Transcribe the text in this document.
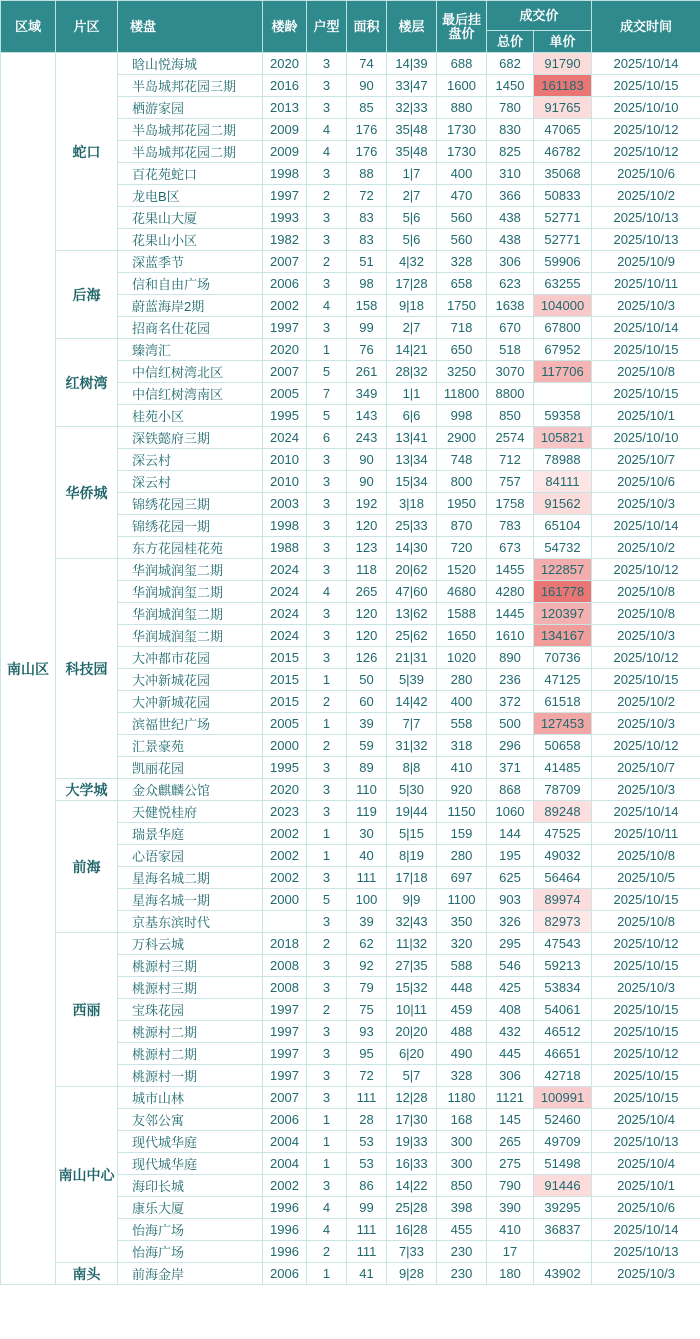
区域	片区	楼盘	楼龄	户型	面积	楼层	最后挂盘价	成交价		成交时间
								总价	单价	
南山区	蛇口	晗山悦海城	2020	3	74	14|39	688	682	91790	2025/10/14
		半岛城邦花园三期	2016	3	90	33|47	1600	1450	161183	2025/10/15
		栖游家园	2013	3	85	32|33	880	780	91765	2025/10/10
		半岛城邦花园二期	2009	4	176	35|48	1730	830	47065	2025/10/12
		半岛城邦花园二期	2009	4	176	35|48	1730	825	46782	2025/10/12
		百花苑蛇口	1998	3	88	1|7	400	310	35068	2025/10/6
		龙电B区	1997	2	72	2|7	470	366	50833	2025/10/2
		花果山大厦	1993	3	83	5|6	560	438	52771	2025/10/13
		花果山小区	1982	3	83	5|6	560	438	52771	2025/10/13
	后海	深蓝季节	2007	2	51	4|32	328	306	59906	2025/10/9
		信和自由广场	2006	3	98	17|28	658	623	63255	2025/10/11
		蔚蓝海岸2期	2002	4	158	9|18	1750	1638	104000	2025/10/3
		招商名仕花园	1997	3	99	2|7	718	670	67800	2025/10/14
	红树湾	臻湾汇	2020	1	76	14|21	650	518	67952	2025/10/15
		中信红树湾北区	2007	5	261	28|32	3250	3070	117706	2025/10/8
		中信红树湾南区	2005	7	349	1|1	11800	8800		2025/10/15
		桂苑小区	1995	5	143	6|6	998	850	59358	2025/10/1
	华侨城	深铁懿府三期	2024	6	243	13|41	2900	2574	105821	2025/10/10
		深云村	2010	3	90	13|34	748	712	78988	2025/10/7
		深云村	2010	3	90	15|34	800	757	84111	2025/10/6
		锦绣花园三期	2003	3	192	3|18	1950	1758	91562	2025/10/3
		锦绣花园一期	1998	3	120	25|33	870	783	65104	2025/10/14
		东方花园桂花苑	1988	3	123	14|30	720	673	54732	2025/10/2
	科技园	华润城润玺二期	2024	3	118	20|62	1520	1455	122857	2025/10/12
		华润城润玺二期	2024	4	265	47|60	4680	4280	161778	2025/10/8
		华润城润玺二期	2024	3	120	13|62	1588	1445	120397	2025/10/8
		华润城润玺二期	2024	3	120	25|62	1650	1610	134167	2025/10/3
		大冲都市花园	2015	3	126	21|31	1020	890	70736	2025/10/12
		大冲新城花园	2015	1	50	5|39	280	236	47125	2025/10/15
		大冲新城花园	2015	2	60	14|42	400	372	61518	2025/10/2
		滨福世纪广场	2005	1	39	7|7	558	500	127453	2025/10/3
		汇景豪苑	2000	2	59	31|32	318	296	50658	2025/10/12
		凯丽花园	1995	3	89	8|8	410	371	41485	2025/10/7
	大学城	金众麒麟公馆	2020	3	110	5|30	920	868	78709	2025/10/3
	前海	天健悦桂府	2023	3	119	19|44	1150	1060	89248	2025/10/14
		瑞景华庭	2002	1	30	5|15	159	144	47525	2025/10/11
		心语家园	2002	1	40	8|19	280	195	49032	2025/10/8
		星海名城二期	2002	3	111	17|18	697	625	56464	2025/10/5
		星海名城一期	2000	5	100	9|9	1100	903	89974	2025/10/15
		京基东滨时代		3	39	32|43	350	326	82973	2025/10/8
	西丽	万科云城	2018	2	62	11|32	320	295	47543	2025/10/12
		桃源村三期	2008	3	92	27|35	588	546	59213	2025/10/15
		桃源村三期	2008	3	79	15|32	448	425	53834	2025/10/3
		宝珠花园	1997	2	75	10|11	459	408	54061	2025/10/15
		桃源村二期	1997	3	93	20|20	488	432	46512	2025/10/15
		桃源村二期	1997	3	95	6|20	490	445	46651	2025/10/12
		桃源村一期	1997	3	72	5|7	328	306	42718	2025/10/15
	南山中心	城市山林	2007	3	111	12|28	1180	1121	100991	2025/10/15
		友邻公寓	2006	1	28	17|30	168	145	52460	2025/10/4
		现代城华庭	2004	1	53	19|33	300	265	49709	2025/10/13
		现代城华庭	2004	1	53	16|33	300	275	51498	2025/10/4
		海印长城	2002	3	86	14|22	850	790	91446	2025/10/1
		康乐大厦	1996	4	99	25|28	398	390	39295	2025/10/6
		怡海广场	1996	4	111	16|28	455	410	36837	2025/10/14
		怡海广场	1996	2	111	7|33	230	17		2025/10/13
	南头	前海金岸	2006	1	41	9|28	230	180	43902	2025/10/3
